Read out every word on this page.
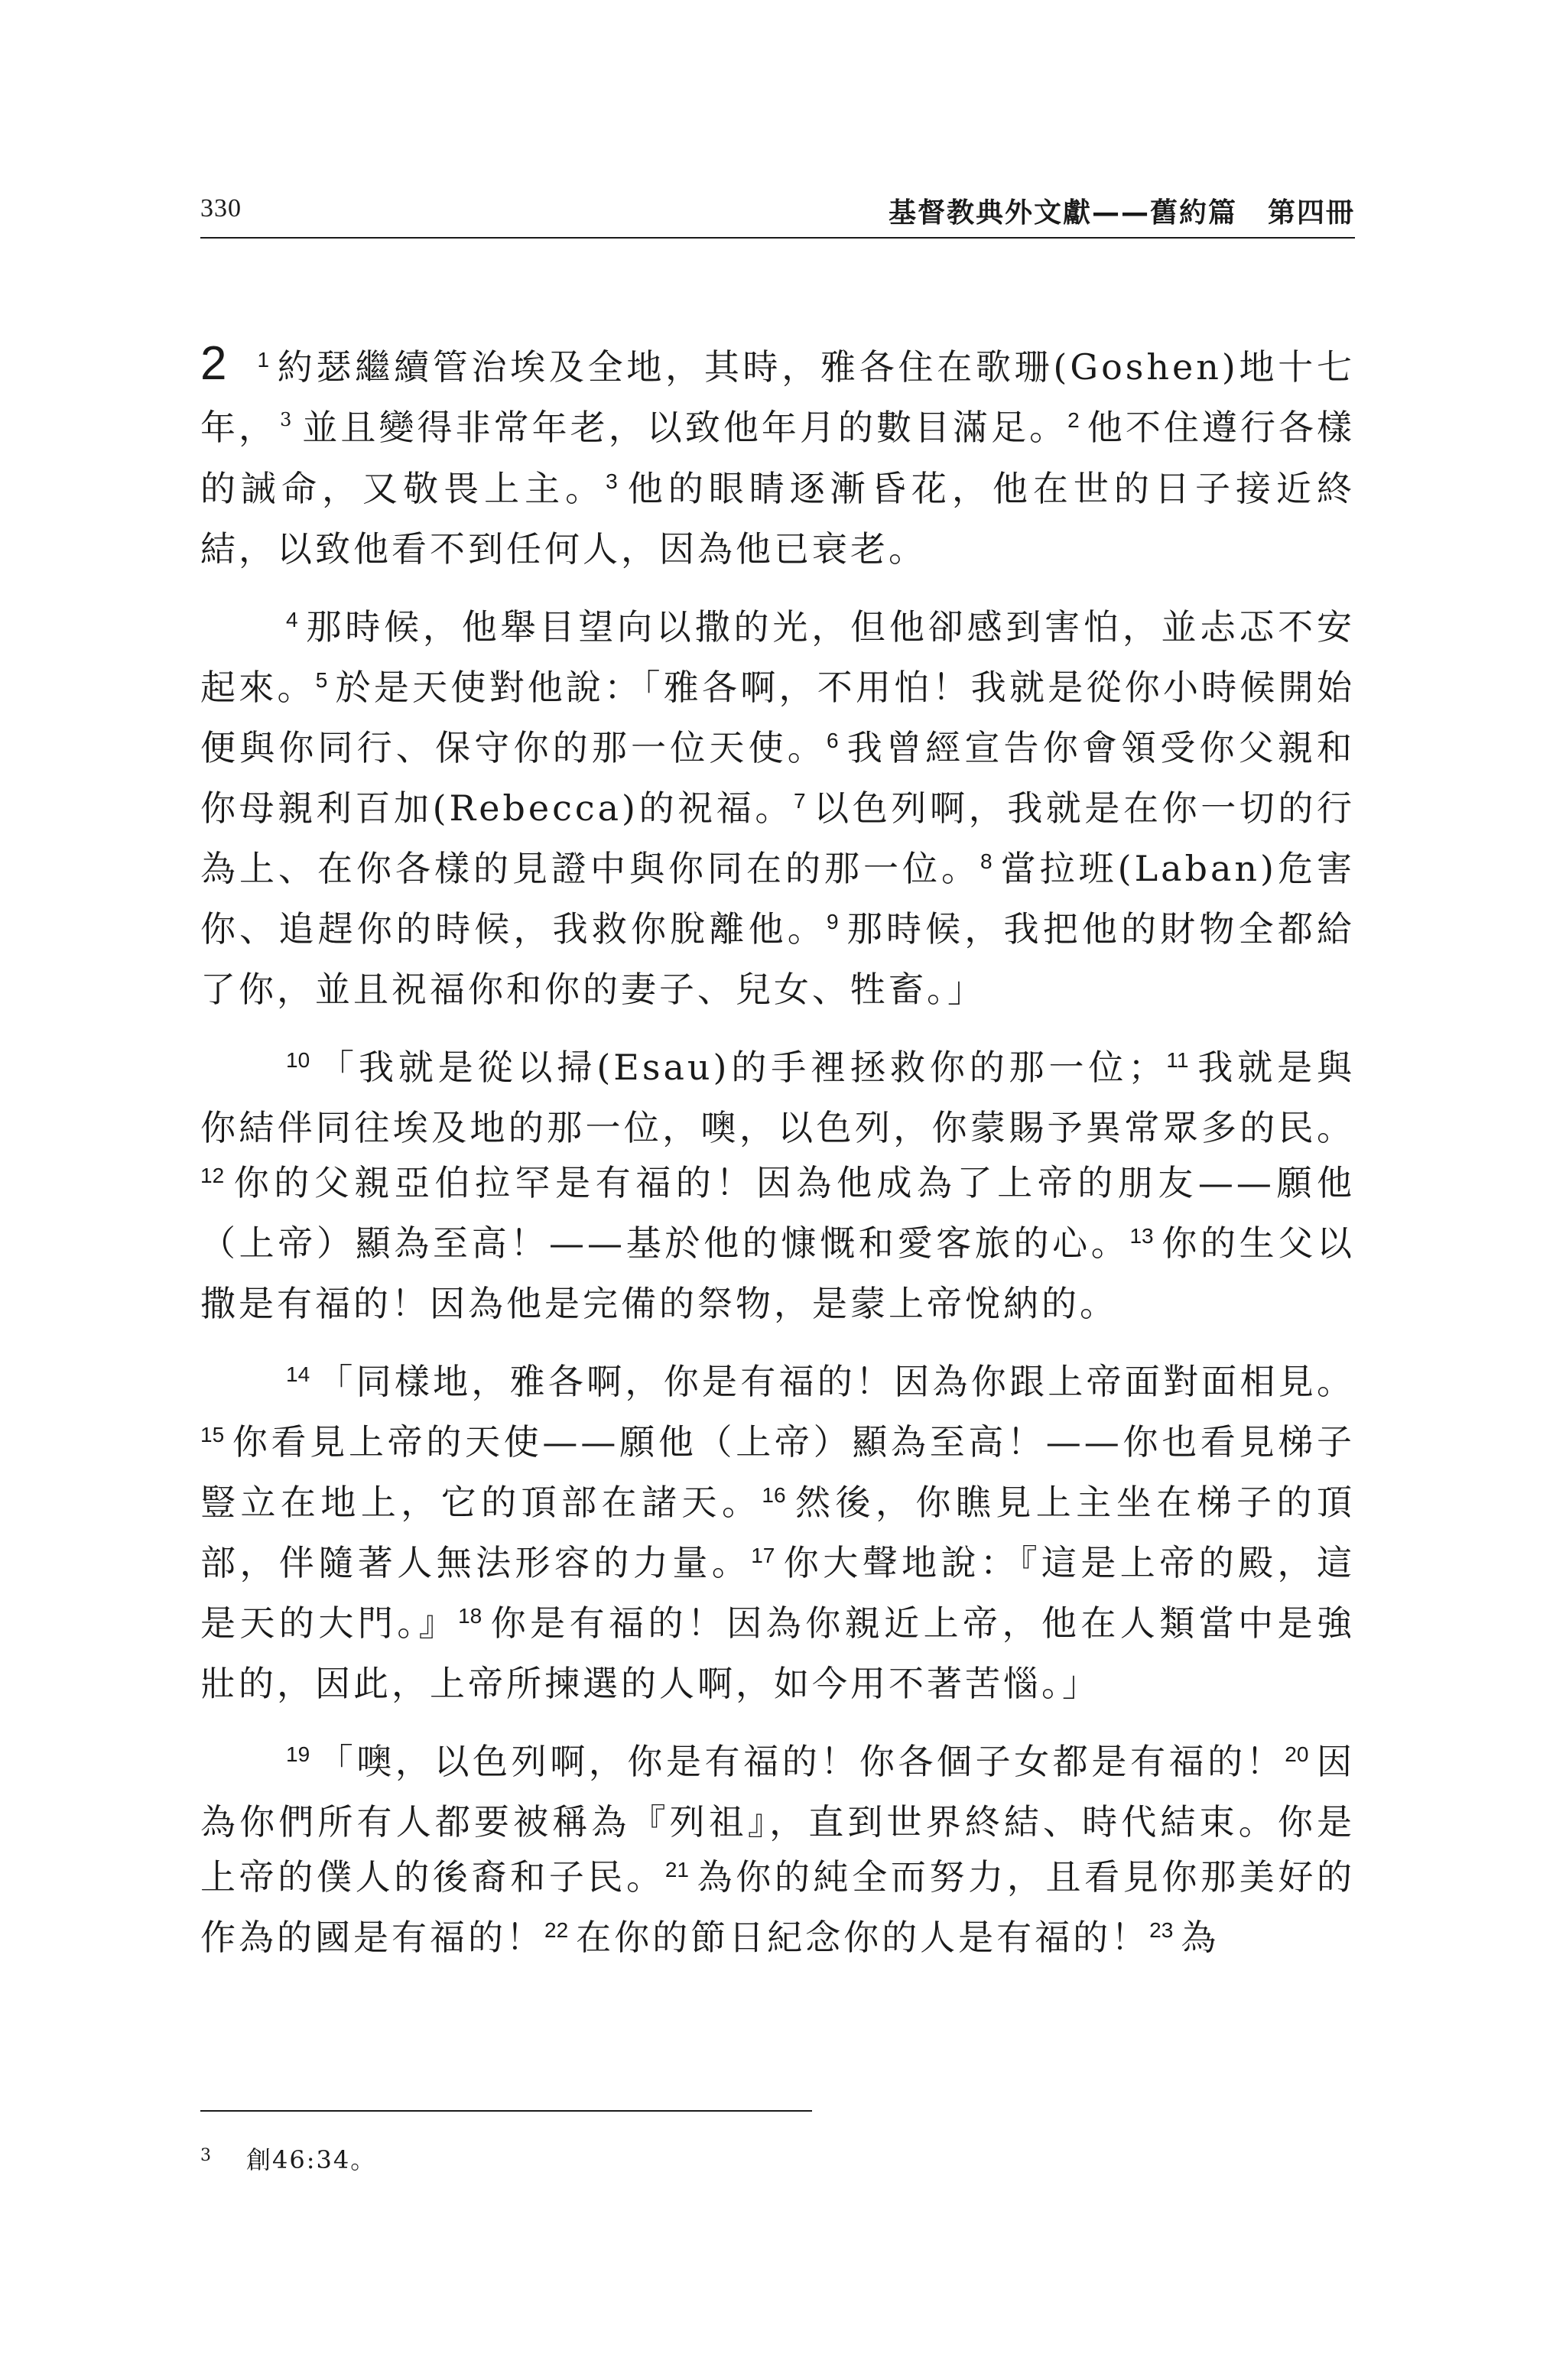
330	基督教典外文獻——舊約篇 第四冊

2 $^1$ 約瑟繼續管治埃及全地，其時，雅各住在歌珊(Goshen)地十七年， $^3$ 並且變得非常年老，以致他年月的數目滿足。$^2$ 他不住遵行各樣的誡命，又敬畏上主。$^3$ 他的眼睛逐漸昏花，他在世的日子接近終結，以致他看不到任何人，因為他已衰老。

$^4$ 那時候，他舉目望向以撒的光，但他卻感到害怕，並忐忑不安起來。$^5$ 於是天使對他說：「雅各啊，不用怕！我就是從你小時候開始便與你同行、保守你的那一位天使。$^6$ 我曾經宣告你會領受你父親和你母親利百加(Rebecca)的祝福。$^7$ 以色列啊，我就是在你一切的行為上、在你各樣的見證中與你同在的那一位。$^8$ 當拉班(Laban)危害你、追趕你的時候，我救你脫離他。$^9$ 那時候，我把他的財物全都給了你，並且祝福你和你的妻子、兒女、牲畜。」

$^{10}$ 「我就是從以掃(Esau)的手裡拯救你的那一位；$^{11}$ 我就是與你結伴同往埃及地的那一位，噢，以色列，你蒙賜予異常眾多的民。$^{12}$ 你的父親亞伯拉罕是有福的！因為他成為了上帝的朋友——願他（上帝）顯為至高！——基於他的慷慨和愛客旅的心。$^{13}$ 你的生父以撒是有福的！因為他是完備的祭物，是蒙上帝悅納的。

$^{14}$ 「同樣地，雅各啊，你是有福的！因為你跟上帝面對面相見。$^{15}$ 你看見上帝的天使——願他（上帝）顯為至高！——你也看見梯子豎立在地上，它的頂部在諸天。$^{16}$ 然後，你瞧見上主坐在梯子的頂部，伴隨著人無法形容的力量。$^{17}$ 你大聲地說：『這是上帝的殿，這是天的大門。』$^{18}$ 你是有福的！因為你親近上帝，他在人類當中是強壯的，因此，上帝所揀選的人啊，如今用不著苦惱。」

$^{19}$ 「噢，以色列啊，你是有福的！你各個子女都是有福的！$^{20}$ 因為你們所有人都要被稱為『列祖』，直到世界終結、時代結束。你是上帝的僕人的後裔和子民。$^{21}$ 為你的純全而努力，且看見你那美好的作為的國是有福的！$^{22}$ 在你的節日紀念你的人是有福的！$^{23}$ 為

$^3$ 創46:34。
